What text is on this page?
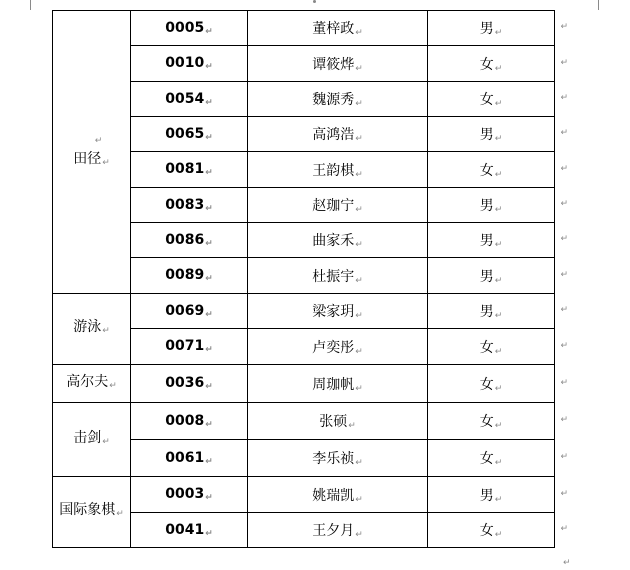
↵
田径↵	0005↵	董梓政↵	男↵
↵

	0010↵	谭筱烨↵	女↵
↵

	0054↵	魏源秀↵	女↵
↵

	0065↵	高鸿浩↵	男↵
↵

	0081↵	王韵棋↵	女↵
↵

	0083↵	赵珈宁↵	男↵
↵

	0086↵	曲家禾↵	男↵
↵

	0089↵	杜振宇↵	男↵
↵

游泳↵	0069↵	梁家玥↵	男↵
↵

	0071↵	卢奕彤↵	女↵
↵

高尔夫↵	0036↵	周珈帆↵	女↵
↵

击剑↵	0008↵	张硕↵	女↵
↵

	0061↵	李乐祯↵	女↵
↵

国际象棋↵	0003↵	姚瑞凯↵	男↵
↵

	0041↵	王夕月↵	女↵
↵
↵
